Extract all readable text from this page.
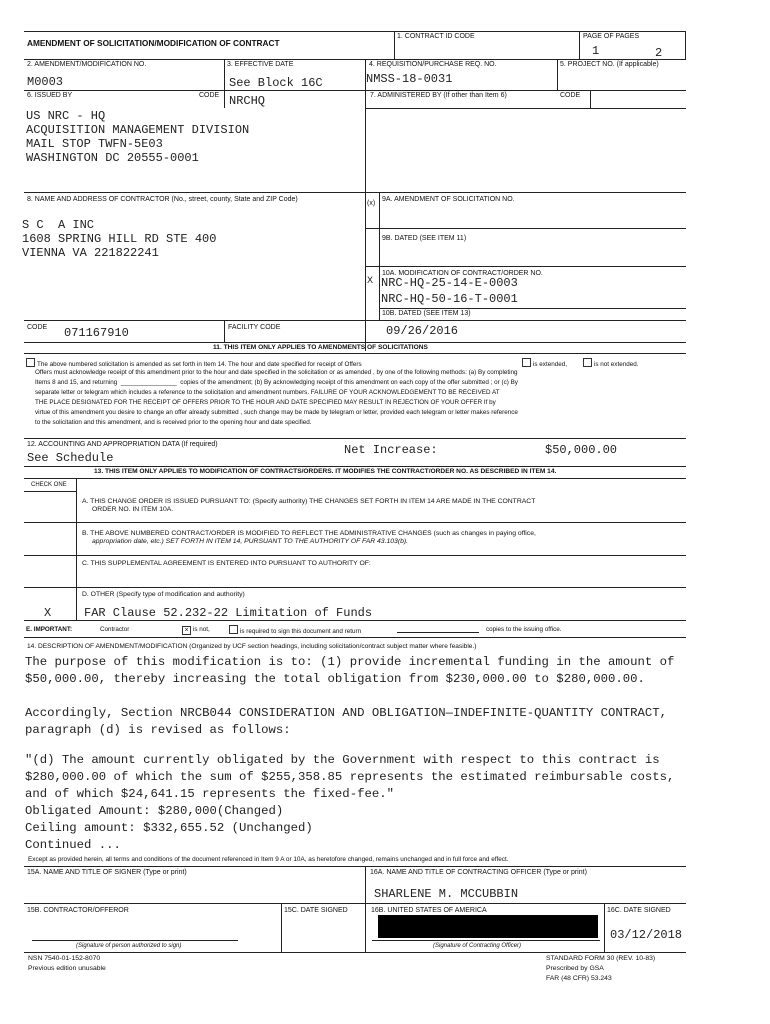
AMENDMENT OF SOLICITATION/MODIFICATION OF CONTRACT
1. CONTRACT ID CODE	PAGE OF PAGES
1	2
2. AMENDMENT/MODIFICATION NO.
M0003
3. EFFECTIVE DATE
See Block 16C
4. REQUISITION/PURCHASE REQ. NO.
NMSS-18-0031
5. PROJECT NO. (If applicable)
6. ISSUED BY	CODE NRCHQ	7. ADMINISTERED BY (If other than Item 6)	CODE
US NRC - HQ
ACQUISITION MANAGEMENT DIVISION
MAIL STOP TWFN-5E03
WASHINGTON DC 20555-0001
8. NAME AND ADDRESS OF CONTRACTOR (No., street, county, State and ZIP Code)
(x)
9A. AMENDMENT OF SOLICITATION NO.
S C  A INC
1608 SPRING HILL RD STE 400
VIENNA VA 221822241
9B. DATED (SEE ITEM 11)
10A. MODIFICATION OF CONTRACT/ORDER NO.
X NRC-HQ-25-14-E-0003
NRC-HQ-50-16-T-0001
10B. DATED (SEE ITEM 13)
09/26/2016
CODE 071167910	FACILITY CODE
11. THIS ITEM ONLY APPLIES TO AMENDMENTS OF SOLICITATIONS
The above numbered solicitation is amended as set forth in Item 14. The hour and date specified for receipt of Offers	is extended,	is not extended.
Offers must acknowledge receipt of this amendment prior to the hour and date specified in the solicitation or as amended , by one of the following methods: (a) By completing
Items 8 and 15, and returning  ________________  copies of the amendment; (b) By acknowledging receipt of this amendment on each copy of the offer submitted ; or (c) By
separate letter or telegram which includes a reference to the solicitation and amendment numbers. FAILURE OF YOUR ACKNOWLEDGEMENT TO BE RECEIVED AT
THE PLACE DESIGNATED FOR THE RECEIPT OF OFFERS PRIOR TO THE HOUR AND DATE SPECIFIED MAY RESULT IN REJECTION OF YOUR OFFER If by
virtue of this amendment you desire to change an offer already submitted , such change may be made by telegram or letter, provided each telegram or letter makes reference
to the solicitation and this amendment, and is received prior to the opening hour and date specified.
12. ACCOUNTING AND APPROPRIATION DATA (If required)
See Schedule
Net Increase:	$50,000.00
13. THIS ITEM ONLY APPLIES TO MODIFICATION OF CONTRACTS/ORDERS. IT MODIFIES THE CONTRACT/ORDER NO. AS DESCRIBED IN ITEM 14.
CHECK ONE
A. THIS CHANGE ORDER IS ISSUED PURSUANT TO: (Specify authority) THE CHANGES SET FORTH IN ITEM 14 ARE MADE IN THE CONTRACT
ORDER NO. IN ITEM 10A.
B. THE ABOVE NUMBERED CONTRACT/ORDER IS MODIFIED TO REFLECT THE ADMINISTRATIVE CHANGES (such as changes in paying office,
appropriation date, etc.) SET FORTH IN ITEM 14, PURSUANT TO THE AUTHORITY OF FAR 43.103(b).
C. THIS SUPPLEMENTAL AGREEMENT IS ENTERED INTO PURSUANT TO AUTHORITY OF:
D. OTHER (Specify type of modification and authority)
X	FAR Clause 52.232-22 Limitation of Funds
E. IMPORTANT:	Contractor	× is not,	is required to sign this document and return	copies to the issuing office.
14. DESCRIPTION OF AMENDMENT/MODIFICATION (Organized by UCF section headings, including solicitation/contract subject matter where feasible.)
The purpose of this modification is to: (1) provide incremental funding in the amount of
$50,000.00, thereby increasing the total obligation from $230,000.00 to $280,000.00.
Accordingly, Section NRCB044 CONSIDERATION AND OBLIGATION—INDEFINITE-QUANTITY CONTRACT,
paragraph (d) is revised as follows:
"(d) The amount currently obligated by the Government with respect to this contract is
$280,000.00 of which the sum of $255,358.85 represents the estimated reimbursable costs,
and of which $24,641.15 represents the fixed-fee."
Obligated Amount: $280,000(Changed)
Ceiling amount: $332,655.52 (Unchanged)
Continued ...
Except as provided herein, all terms and conditions of the document referenced in Item 9 A or 10A, as heretofore changed, remains unchanged and in full force and effect.
15A. NAME AND TITLE OF SIGNER (Type or print)	16A. NAME AND TITLE OF CONTRACTING OFFICER (Type or print)
SHARLENE M. MCCUBBIN
15B. CONTRACTOR/OFFEROR	15C. DATE SIGNED	16B. UNITED STATES OF AMERICA	16C. DATE SIGNED
03/12/2018
(Signature of person authorized to sign)	(Signature of Contracting Officer)
NSN 7540-01-152-8070
Previous edition unusable
STANDARD FORM 30 (REV. 10-83)
Prescribed by GSA
FAR (48 CFR) 53.243
